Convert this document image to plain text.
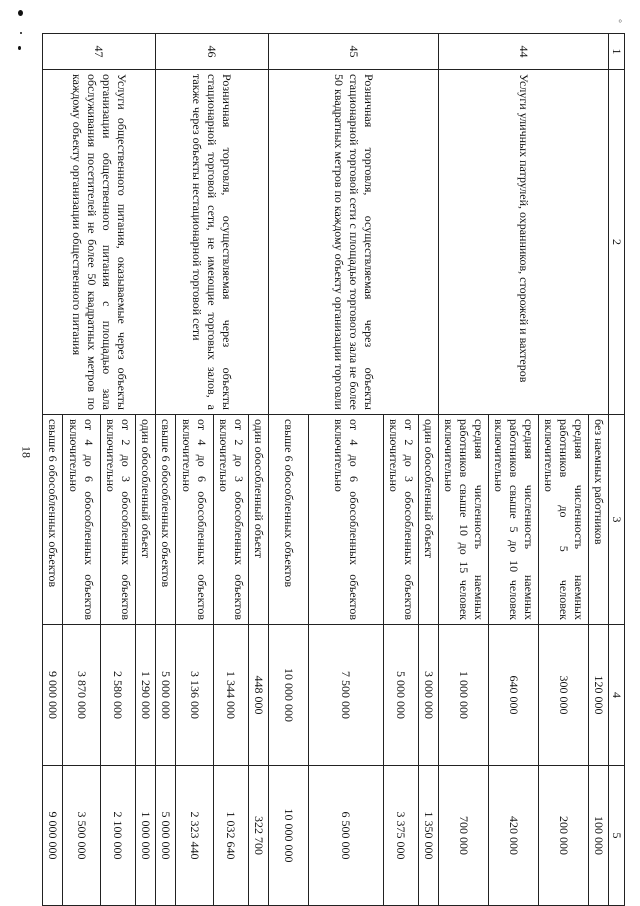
°
18
1	2	3	4	5
44	Услуги уличных патрулей, охранников, сторожей и вахтеров	без наемных работников	120 000	100 000
		средняя численность наемных работников до 5 человек включительно	300 000	200 000
		средняя численность наемных работников свыше 5 до 10 человек включительно	640 000	420 000
		средняя численность наемных работников свыше 10 до 15 человек включительно	1 000 000	700 000
45	Розничная торговля, осуществляемая через объекты стационарной торговой сети с площадью торгового зала не более 50 квадратных метров по каждому объекту организации торговли	один обособленный объект	3 000 000	1 350 000
		от 2 до 3 обособленных объектов включительно	5 000 000	3 375 000
		от 4 до 6 обособленных объектов включительно	7 500 000	6 500 000
		свыше 6 обособленных объектов	10 000 000	10 000 000
46	Розничная торговля, осуществляемая через объекты стационарной торговой сети, не имеющие торговых залов, а также через объекты нестационарной торговой сети	один обособленный объект	448 000	322 700
		от 2 до 3 обособленных объектов включительно	1 344 000	1 032 640
		от 4 до 6 обособленных объектов включительно	3 136 000	2 323 440
		свыше 6 обособленных объектов	5 000 000	5 000 000
47	Услуги общественного питания, оказываемые через объекты организации общественного питания с площадью зала обслуживания посетителей не более 50 квадратных метров по каждому объекту организации общественного питания	один обособленный объект	1 290 000	1 000 000
		от 2 до 3 обособленных объектов включительно	2 580 000	2 100 000
		от 4 до 6 обособленных объектов включительно	3 870 000	3 500 000
		свыше 6 обособленных объектов	9 000 000	9 000 000
